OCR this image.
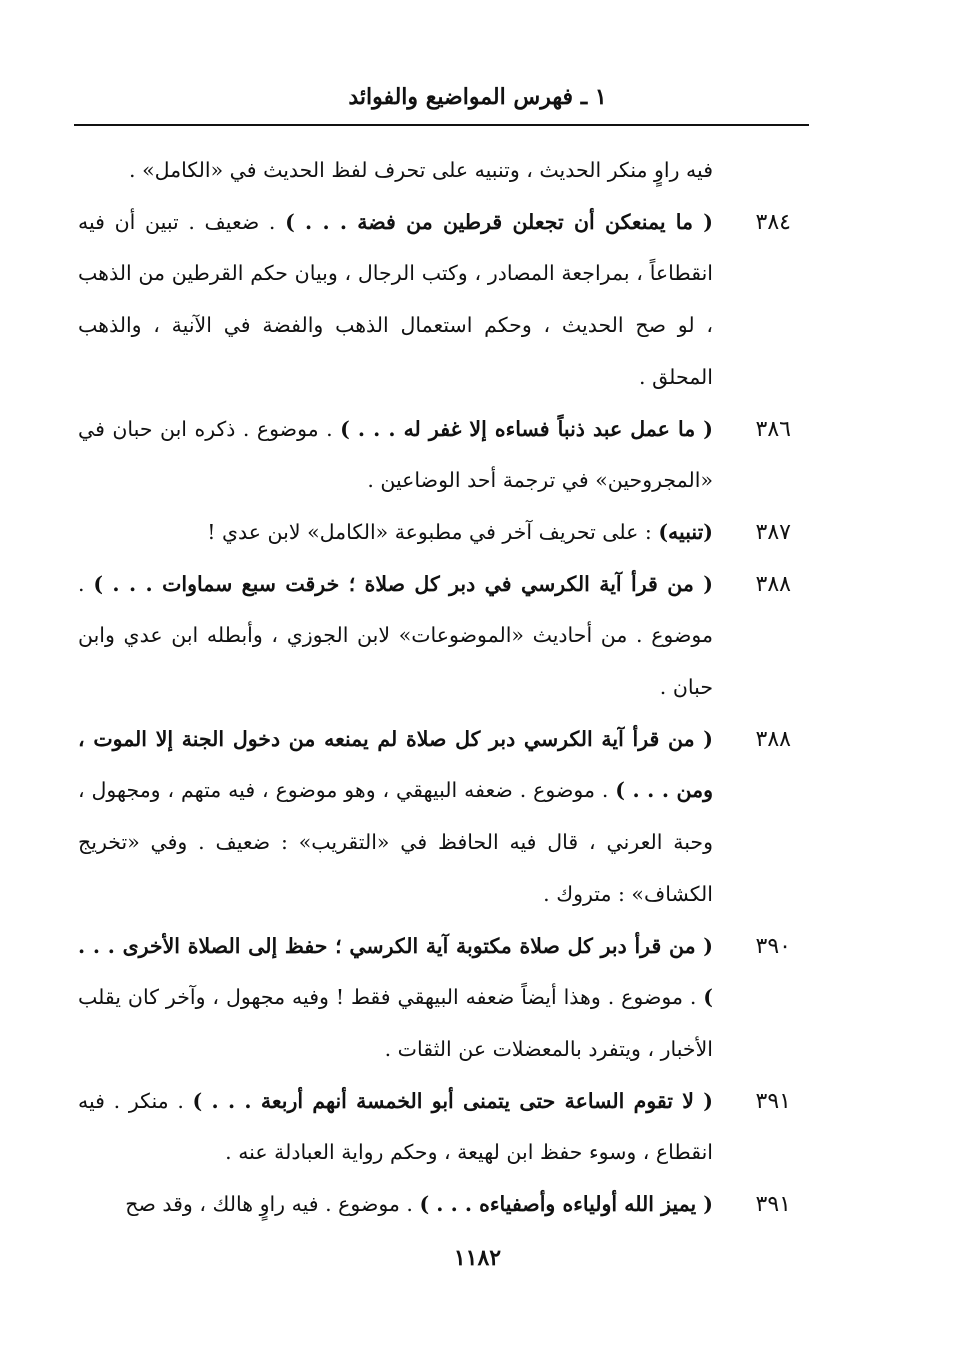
١ ـ فهرس المواضيع والفوائد
فيه راوٍ منكر الحديث ، وتنبيه على تحرف لفظ الحديث في «الكامل» .
٣٨٤
( ما يمنعكن أن تجعلن قرطين من فضة . . . ) . ضعيف . تبين أن فيه انقطاعاً ، بمراجعة المصادر ، وكتب الرجال ، وبيان حكم القرطين من الذهب ، لو صح الحديث ، وحكم استعمال الذهب والفضة في الآنية ، والذهب المحلق .
٣٨٦
( ما عمل عبد ذنباً فساءه إلا غفر له . . . ) . موضوع . ذكره ابن حبان في «المجروحين» في ترجمة أحد الوضاعين .
٣٨٧
(تنبيه) : على تحريف آخر في مطبوعة «الكامل» لابن عدي !
٣٨٨
( من قرأ آية الكرسي في دبر كل صلاة ؛ خرقت سبع سماوات . . . ) . موضوع . من أحاديث «الموضوعات» لابن الجوزي ، وأبطله ابن عدي وابن حبان .
٣٨٨
( من قرأ آية الكرسي دبر كل صلاة لم يمنعه من دخول الجنة إلا الموت ، ومن . . . ) . موضوع . ضعفه البيهقي ، وهو موضوع ، فيه متهم ، ومجهول ، وحبة العرني ، قال فيه الحافظ في «التقريب» : ضعيف . وفي «تخريج الكشاف» : متروك .
٣٩٠
( من قرأ دبر كل صلاة مكتوبة آية الكرسي ؛ حفظ إلى الصلاة الأخرى . . . ) . موضوع . وهذا أيضاً ضعفه البيهقي فقط ! وفيه مجهول ، وآخر كان يقلب الأخبار ، ويتفرد بالمعضلات عن الثقات .
٣٩١
( لا تقوم الساعة حتى يتمنى أبو الخمسة أنهم أربعة . . . ) . منكر . فيه انقطاع ، وسوء حفظ ابن لهيعة ، وحكم رواية العبادلة عنه .
٣٩١
( يميز الله أولياءه وأصفياءه . . . ) . موضوع . فيه راوٍ هالك ، وقد صح
١١٨٢
